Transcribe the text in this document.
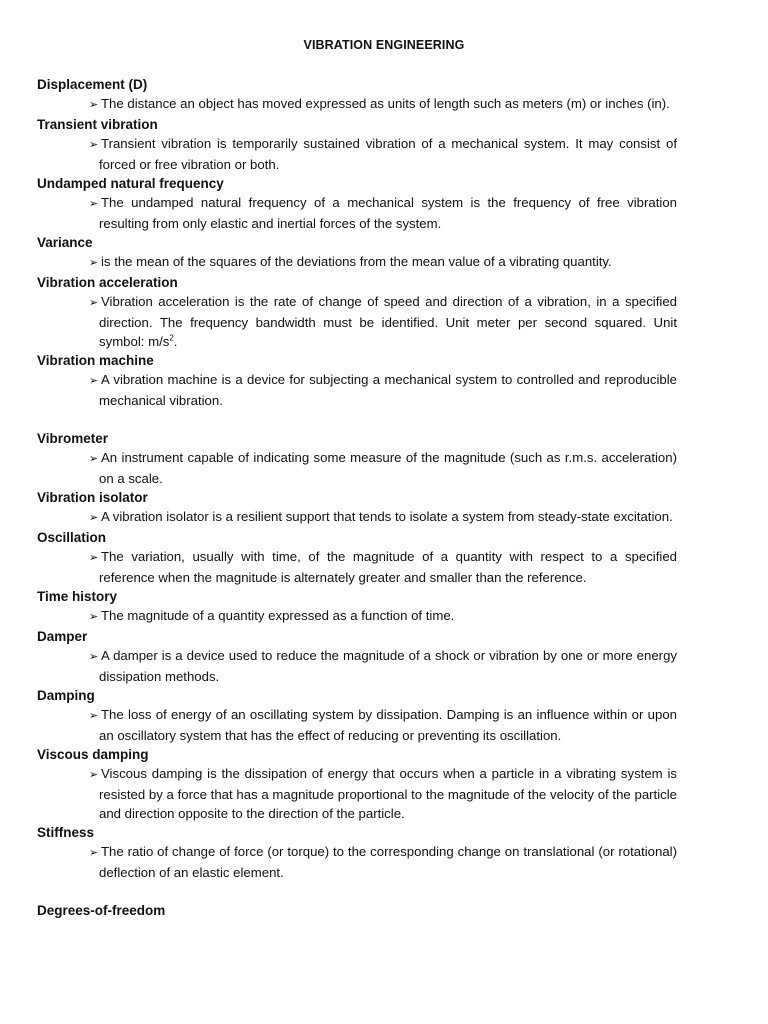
VIBRATION ENGINEERING
Displacement (D)
➢ The distance an object has moved expressed as units of length such as meters (m) or inches (in).
Transient vibration
➢ Transient vibration is temporarily sustained vibration of a mechanical system. It may consist of forced or free vibration or both.
Undamped natural frequency
➢ The undamped natural frequency of a mechanical system is the frequency of free vibration resulting from only elastic and inertial forces of the system.
Variance
➢ is the mean of the squares of the deviations from the mean value of a vibrating quantity.
Vibration acceleration
➢ Vibration acceleration is the rate of change of speed and direction of a vibration, in a specified direction. The frequency bandwidth must be identified. Unit meter per second squared. Unit symbol: $m/s^2$.
Vibration machine
➢ A vibration machine is a device for subjecting a mechanical system to controlled and reproducible mechanical vibration.
Vibrometer
➢ An instrument capable of indicating some measure of the magnitude (such as r.m.s. acceleration) on a scale.
Vibration isolator
➢ A vibration isolator is a resilient support that tends to isolate a system from steady-state excitation.
Oscillation
➢ The variation, usually with time, of the magnitude of a quantity with respect to a specified reference when the magnitude is alternately greater and smaller than the reference.
Time history
➢ The magnitude of a quantity expressed as a function of time.
Damper
➢ A damper is a device used to reduce the magnitude of a shock or vibration by one or more energy dissipation methods.
Damping
➢ The loss of energy of an oscillating system by dissipation. Damping is an influence within or upon an oscillatory system that has the effect of reducing or preventing its oscillation.
Viscous damping
➢ Viscous damping is the dissipation of energy that occurs when a particle in a vibrating system is resisted by a force that has a magnitude proportional to the magnitude of the velocity of the particle and direction opposite to the direction of the particle.
Stiffness
➢ The ratio of change of force (or torque) to the corresponding change on translational (or rotational) deflection of an elastic element.
Degrees-of-freedom
